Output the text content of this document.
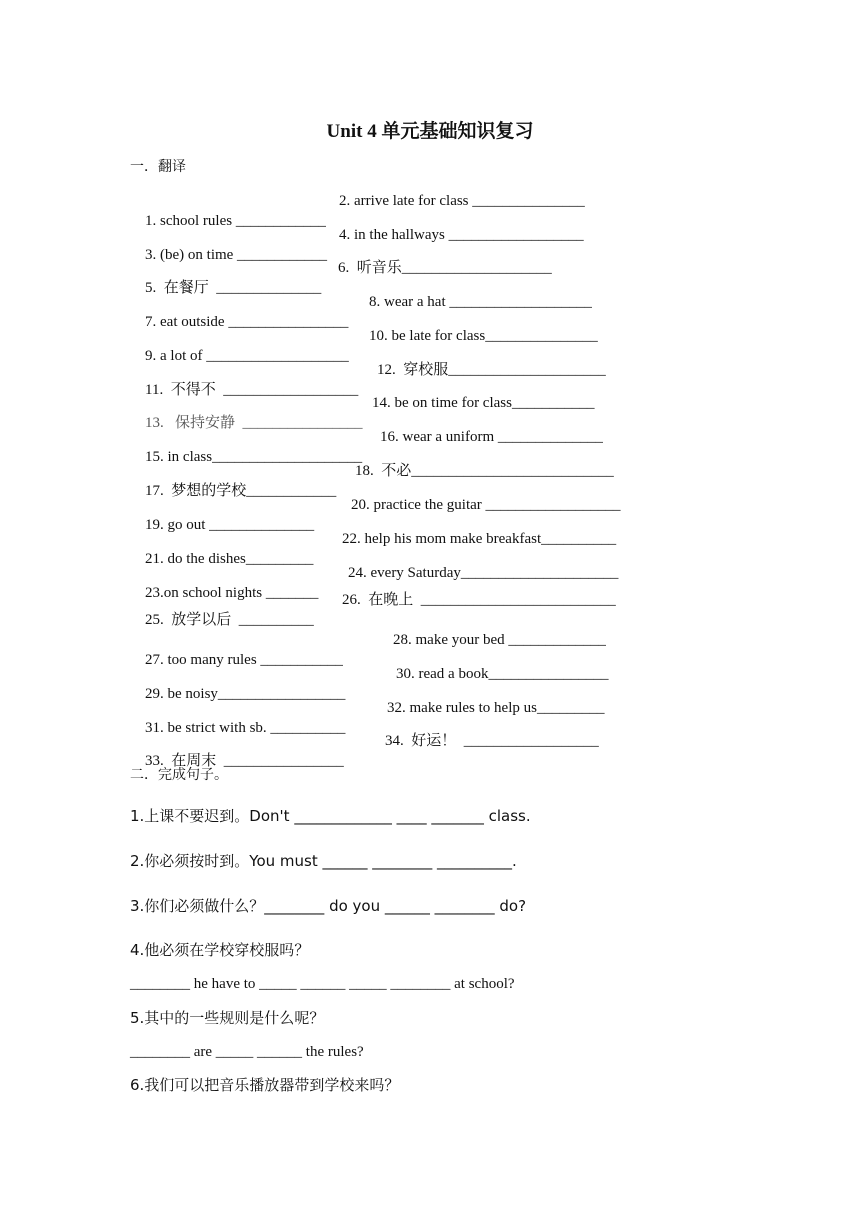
Unit 4 单元基础知识复习
一．翻译

1. school rules ____________
2. arrive late for class _______________

3. (be) on time ____________
4. in the hallways __________________

5.  在餐厅  ______________
6.  听音乐____________________

7. eat outside ________________
8. wear a hat ___________________

9. a lot of ___________________
10. be late for class_______________

11.  不得不  __________________
12.  穿校服_____________________

13.   保持安静  ________________
14. be on time for class___________

15. in class____________________
16. wear a uniform ______________

17.  梦想的学校____________
18.  不必___________________________

19. go out ______________
20. practice the guitar __________________

21. do the dishes_________
22. help his mom make breakfast__________

23.on school nights _______
24. every Saturday_____________________

25.  放学以后  __________
26.  在晚上  __________________________

27. too many rules ___________
28. make your bed _____________

29. be noisy_________________
30. read a book________________

31. be strict with sb. __________
32. make rules to help us_________

33.  在周末  ________________
34.  好运！  __________________

二．完成句子。
1.上课不要迟到。Don't _____________ ____ _______ class.
2.你必须按时到。You must ______ ________ __________.
3.你们必须做什么？________ do you ______ ________ do?
4.他必须在学校穿校服吗？
________ he have to _____ ______ _____ ________ at school?
5.其中的一些规则是什么呢？
________ are _____ ______ the rules?
6.我们可以把音乐播放器带到学校来吗？
